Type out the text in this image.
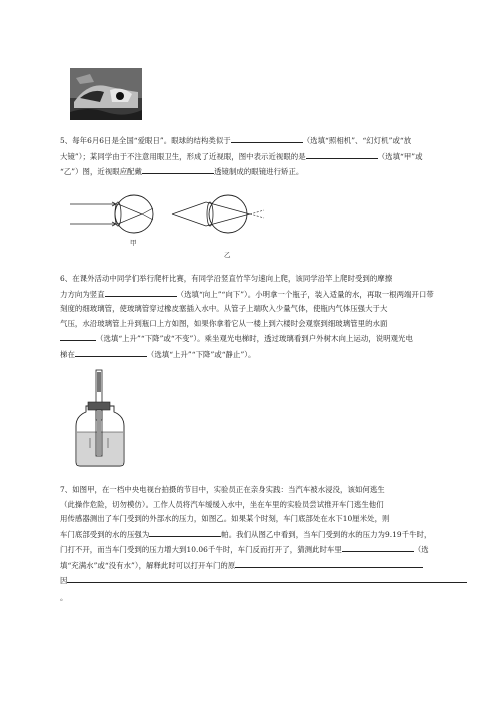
5、每年6月6日是全国“爱眼日”。眼球的结构类似于	（选填“照相机”、“幻灯机”或“放

大镜”）；某同学由于不注意用眼卫生，形成了近视眼，图中表示近视眼的是	（选填“甲”或

“乙”）图，近视眼应配戴	透镜制成的眼镜进行矫正。

甲
乙

6、在课外活动中同学们举行爬杆比赛，有同学沿竖直竹竿匀速向上爬，该同学沿竿上爬时受到的摩擦

力方向为竖直	（选填“向上”“向下”）。小明拿一个瓶子，装入适量的水，再取一根两端开口带

刻度的细玻璃管，使玻璃管穿过橡皮塞插入水中。从管子上端吹入少量气体，使瓶内气体压强大于大

气压，水沿玻璃管上升到瓶口上方如图，如果你拿着它从一楼上到六楼时会观察到细玻璃管里的水面

（选填“上升”“下降”或“不变”）。乘坐观光电梯时，透过玻璃看到户外树木向上运动，说明观光电

梯在	（选填“上升”“下降”或“静止”）。

7、如图甲，在一档中央电视台拍摄的节目中，实验员正在亲身实践：当汽车被水浸没，该如何逃生

（此操作危险，切勿模仿）。工作人员将汽车缓缓入水中，坐在车里的实验员尝试推开车门逃生他们

用传感器测出了车门受到的外部水的压力，如图乙。如果某个时刻，车门底部处在水下10厘米处，则

车门底部受到的水的压强为	帕。我们从图乙中看到，当车门受到的水的压力为9.19千牛时，

门打不开，而当车门受到的压力增大到10.06千牛时，车门反而打开了，猜测此时车里	（选

填“充满水”或“没有水”），解释此时可以打开车门的原

因

。
